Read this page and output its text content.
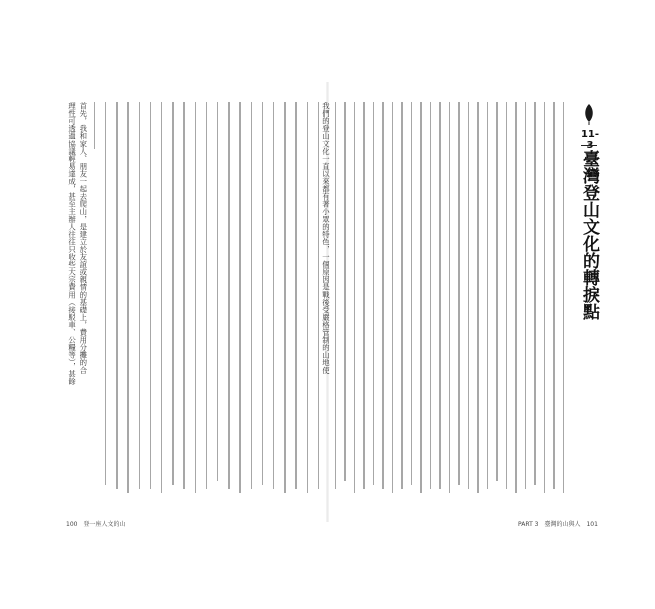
首先，我和家人、朋友一起去爬山，是建立於友誼或親情的基礎上，費用分攤的合
理性可透過協議輕易達成，甚至主辦人往往只收些大宗費用（接駁車、公糧等），甚餘	我們的登山文化一直以來都有著小眾的特色，一個原因是戰後受嚴格管制的山地使	11-
臺灣登山文化的轉捩點
100 登一座人文的山	PART 3 臺灣的山與人 101
